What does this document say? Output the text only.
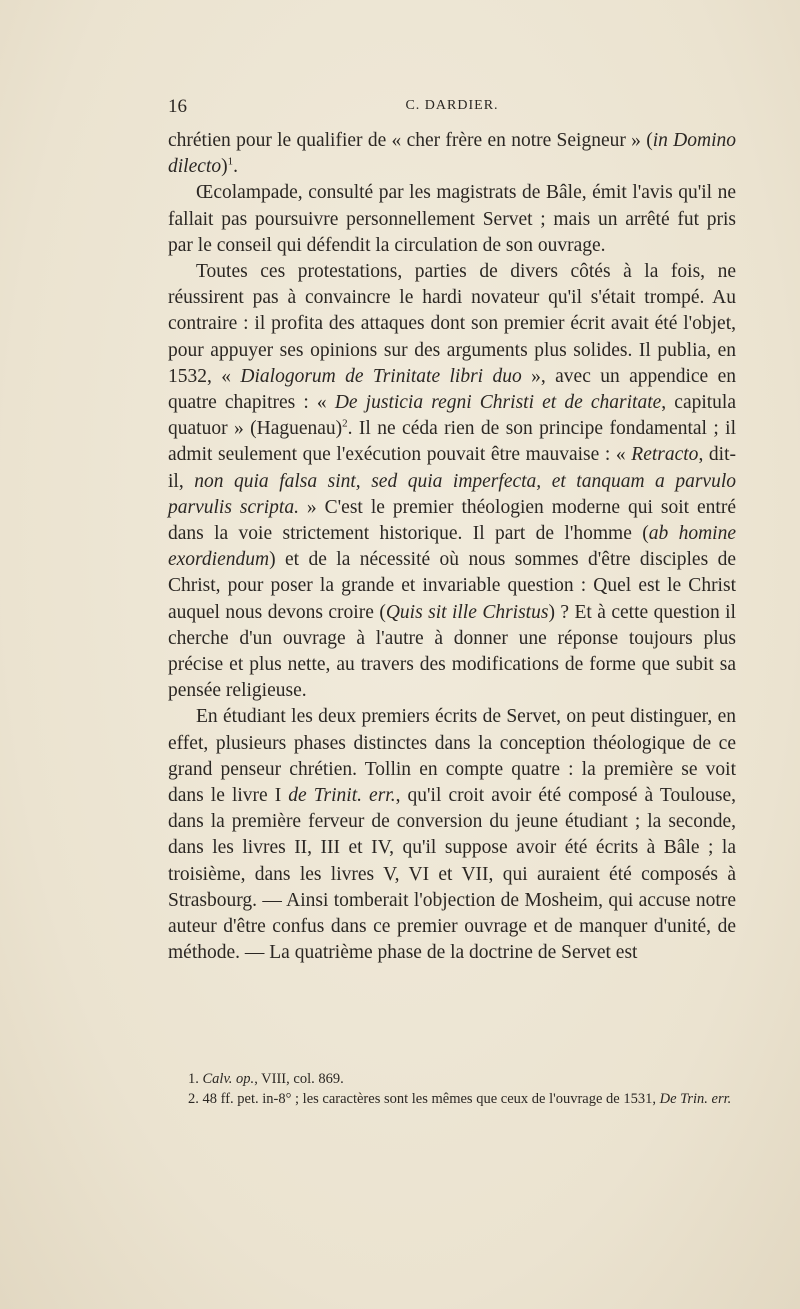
16	C. DARDIER.

chrétien pour le qualifier de « cher frère en notre Seigneur » (in Domino dilecto)$^1$.

Œcolampade, consulté par les magistrats de Bâle, émit l'avis qu'il ne fallait pas poursuivre personnellement Servet ; mais un arrêté fut pris par le conseil qui défendit la circulation de son ouvrage.

Toutes ces protestations, parties de divers côtés à la fois, ne réussirent pas à convaincre le hardi novateur qu'il s'était trompé. Au contraire : il profita des attaques dont son premier écrit avait été l'objet, pour appuyer ses opinions sur des arguments plus solides. Il publia, en 1532, « Dialogorum de Trinitate libri duo », avec un appendice en quatre chapitres : « De justicia regni Christi et de charitate, capitula quatuor » (Haguenau)$^2$. Il ne céda rien de son principe fondamental ; il admit seulement que l'exécution pouvait être mauvaise : « Retracto, dit-il, non quia falsa sint, sed quia imperfecta, et tanquam a parvulo parvulis scripta. » C'est le premier théologien moderne qui soit entré dans la voie strictement historique. Il part de l'homme (ab homine exordiendum) et de la nécessité où nous sommes d'être disciples de Christ, pour poser la grande et invariable question : Quel est le Christ auquel nous devons croire (Quis sit ille Christus) ? Et à cette question il cherche d'un ouvrage à l'autre à donner une réponse toujours plus précise et plus nette, au travers des modifications de forme que subit sa pensée religieuse.

En étudiant les deux premiers écrits de Servet, on peut distinguer, en effet, plusieurs phases distinctes dans la conception théologique de ce grand penseur chrétien. Tollin en compte quatre : la première se voit dans le livre I de Trinit. err., qu'il croit avoir été composé à Toulouse, dans la première ferveur de conversion du jeune étudiant ; la seconde, dans les livres II, III et IV, qu'il suppose avoir été écrits à Bâle ; la troisième, dans les livres V, VI et VII, qui auraient été composés à Strasbourg. — Ainsi tomberait l'objection de Mosheim, qui accuse notre auteur d'être confus dans ce premier ouvrage et de manquer d'unité, de méthode. — La quatrième phase de la doctrine de Servet est

1. Calv. op., VIII, col. 869.

2. 48 ff. pet. in-8° ; les caractères sont les mêmes que ceux de l'ouvrage de 1531, De Trin. err.
